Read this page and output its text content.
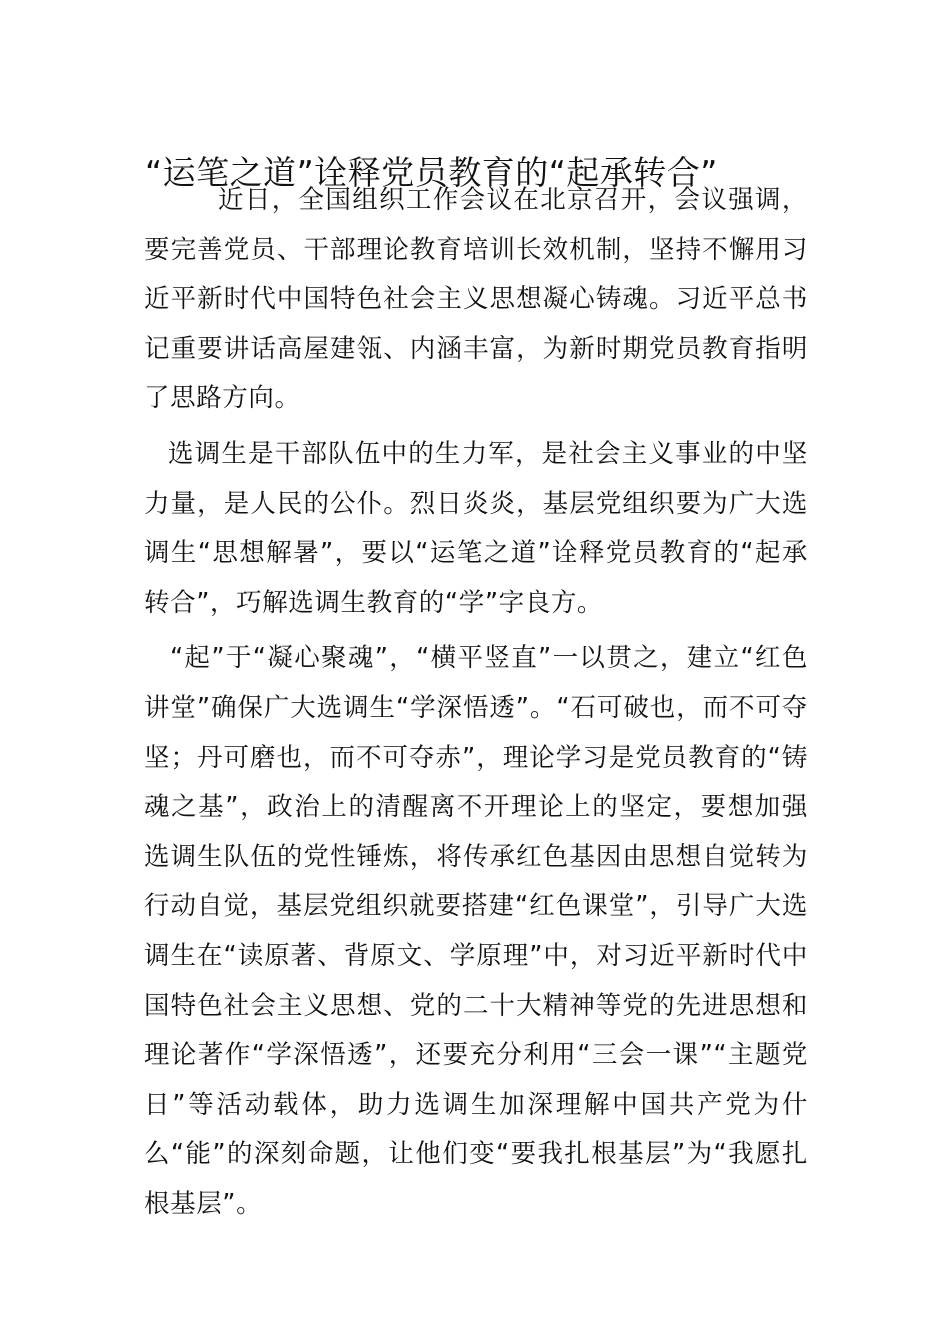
“运笔之道”诠释党员教育的“起承转合”

近日，全国组织工作会议在北京召开，会议强调，要完善党员、干部理论教育培训长效机制，坚持不懈用习近平新时代中国特色社会主义思想凝心铸魂。习近平总书记重要讲话高屋建瓴、内涵丰富，为新时期党员教育指明了思路方向。

选调生是干部队伍中的生力军，是社会主义事业的中坚力量，是人民的公仆。烈日炎炎，基层党组织要为广大选调生“思想解暑”，要以“运笔之道”诠释党员教育的“起承转合”，巧解选调生教育的“学”字良方。

“起”于“凝心聚魂”，“横平竖直”一以贯之，建立“红色讲堂”确保广大选调生“学深悟透”。“石可破也，而不可夺坚；丹可磨也，而不可夺赤”，理论学习是党员教育的“铸魂之基”，政治上的清醒离不开理论上的坚定，要想加强选调生队伍的党性锤炼，将传承红色基因由思想自觉转为行动自觉，基层党组织就要搭建“红色课堂”，引导广大选调生在“读原著、背原文、学原理”中，对习近平新时代中国特色社会主义思想、党的二十大精神等党的先进思想和理论著作“学深悟透”，还要充分利用“三会一课”“主题党日”等活动载体，助力选调生加深理解中国共产党为什么“能”的深刻命题，让他们变“要我扎根基层”为“我愿扎根基层”。
